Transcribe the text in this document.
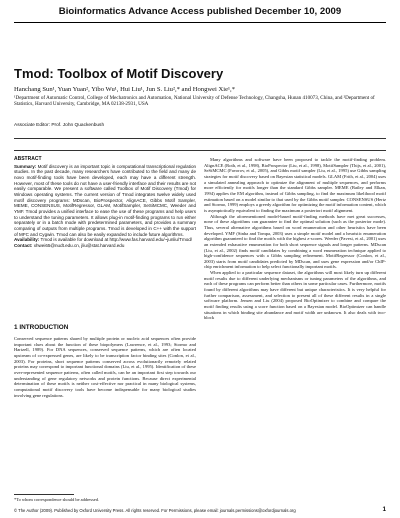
Bioinformatics Advance Access published December 10, 2009
Tmod: Toolbox of Motif Discovery
Hanchang Sun¹, Yuan Yuan², Yibo Wu¹, Hui Liu¹, Jun S. Liu²,* and Hongwei Xie¹,*
¹Department of Automatic Control, College of Mechatronics and Automation, National University of Defense Technology, Changsha, Hunan 410073, China, and ²Department of Statistics, Harvard University, Cambridge, MA 02138-2931, USA
Associate Editor: Prof. John Quackenbush
ABSTRACT

Summary: Motif discovery is an important topic in computational transcriptional regulation studies. In the past decade, many researchers have contributed to the field and many de novo motif-finding tools have been developed, each may have a different strength. However, most of these tools do not have a user-friendly interface and their results are not easily comparable. We present a software called Toolbox of Motif Discovery (Tmod) for Windows operating systems. The current version of Tmod integrates twelve widely used motif discovery programs: MDscan, BioProspector, AlignACE, Gibbs Motif Sampler, MEME, CONSENSUS, MotifRegressor, GLAM, MotifSampler, SeSiMCMC, Weeder and YMF. Tmod provides a unified interface to ease the use of these programs and help users to understand the tuning parameters. It allows plug-in motif-finding programs to run either separately or in a batch mode with predetermined parameters, and provides a summary comparing of outputs from multiple programs. Tmod is developed in C++ with the support of MFC and Cygwin. Tmod can also be easily expanded to include future algorithms.

Availability: Tmod is available for download at http://www.fas.harvard.edu/~junliu/Tmod/

Contact: xhwei65@nudt.edu.cn, jliu@stat.harvard.edu

1 INTRODUCTION

Conserved sequence patterns shared by multiple protein or nucleic acid sequences often provide important clues about the function of these biopolymers (Lawrence, et al., 1993; Stormo and Hartzell, 1989). For DNA sequences, conserved sequence patterns, which are often located upstream of co-expressed genes, are likely to be transcription factor binding sites (Conlon, et al., 2003). For proteins, short sequence patterns conserved across evolutionarily remotely related proteins may correspond to important functional domains (Liu, et al., 1995). Identification of these over-represented sequence patterns, often called motifs, can be an important first step towards our understanding of gene regulatory networks and protein functions. Because direct experimental determination of these motifs is neither cost-effective nor practical in many biological systems, computational motif discovery tools have become indispensable for many biological studies involving gene regulations.

Many algorithms and software have been proposed to tackle the motif-finding problem. AlignACE (Roth, et al., 1998), BioProspector (Liu, et al., 1998), MotifSampler (Thijs, et al., 2001), SeSiMCMC (Favorov, et al., 2005), and Gibbs motif sampler (Liu, et al., 1995) use Gibbs sampling strategies for motif discovery based on Bayesian statistical models. GLAM (Frith, et al., 2004) uses a simulated annealing approach to optimize the alignment of multiple sequences, and performs more efficiently for motifs longer than the standard Gibbs sampler. MEME (Bailey and Elkan, 1994) applies the EM algorithm, instead of Gibbs sampling, to find the maximum likelihood motif estimation based on a model similar to that used by the Gibbs motif sampler. CONSENSUS (Hertz and Stormo, 1999) employs a greedy algorithm for optimizing the motif information content, which is asymptotically equivalent to finding the maximum a posteriori motif alignment.

Although the aforementioned model-based motif-finding methods have met great successes, none of these algorithms can guarantee to find the optimal solution (such as the posterior mode). Thus, several alternative algorithms based on word enumeration and other heuristics have been developed. YMF (Sinha and Tompa, 2003) uses a simple motif model and a heuristic enumeration algorithm guaranteed to find the motifs with the highest z-scores. Weeder (Pavesi, et al., 2001) uses an extended exhaustive enumeration for both short sequence signals and longer patterns. MDscan (Liu, et al., 2002) finds motif candidates by combining a word enumeration technique applied to high-confidence sequences with a Gibbs sampling refinement. MotifRegressor (Conlon, et al., 2003) starts from motif candidates predicted by MDscan, and uses gene expression and/or ChIP-chip enrichment information to help select functionally important motifs.

When applied to a particular sequence dataset, the algorithms will most likely turn up different motif results due to different underlying mechanisms or tuning parameters of the algorithms, and each of these programs can perform better than others in some particular cases. Furthermore, motifs found by different algorithms may have different but unique characteristics. It is very helpful for further comparison, assessment, and selection to present all of these different results in a single software platform. Jensen and Liu (2004) proposed BioOptimizer to combine and compare the motif finding results using a score function based on a Bayesian model. BioOptimizer can handle situations in which binding site abundance and motif width are unknown. It also deals with two-block

*To whom correspondence should be addressed.
© The Author (2009). Published by Oxford University Press. All rights reserved. For Permissions, please email: journals.permissions@oxfordjournals.org	1
